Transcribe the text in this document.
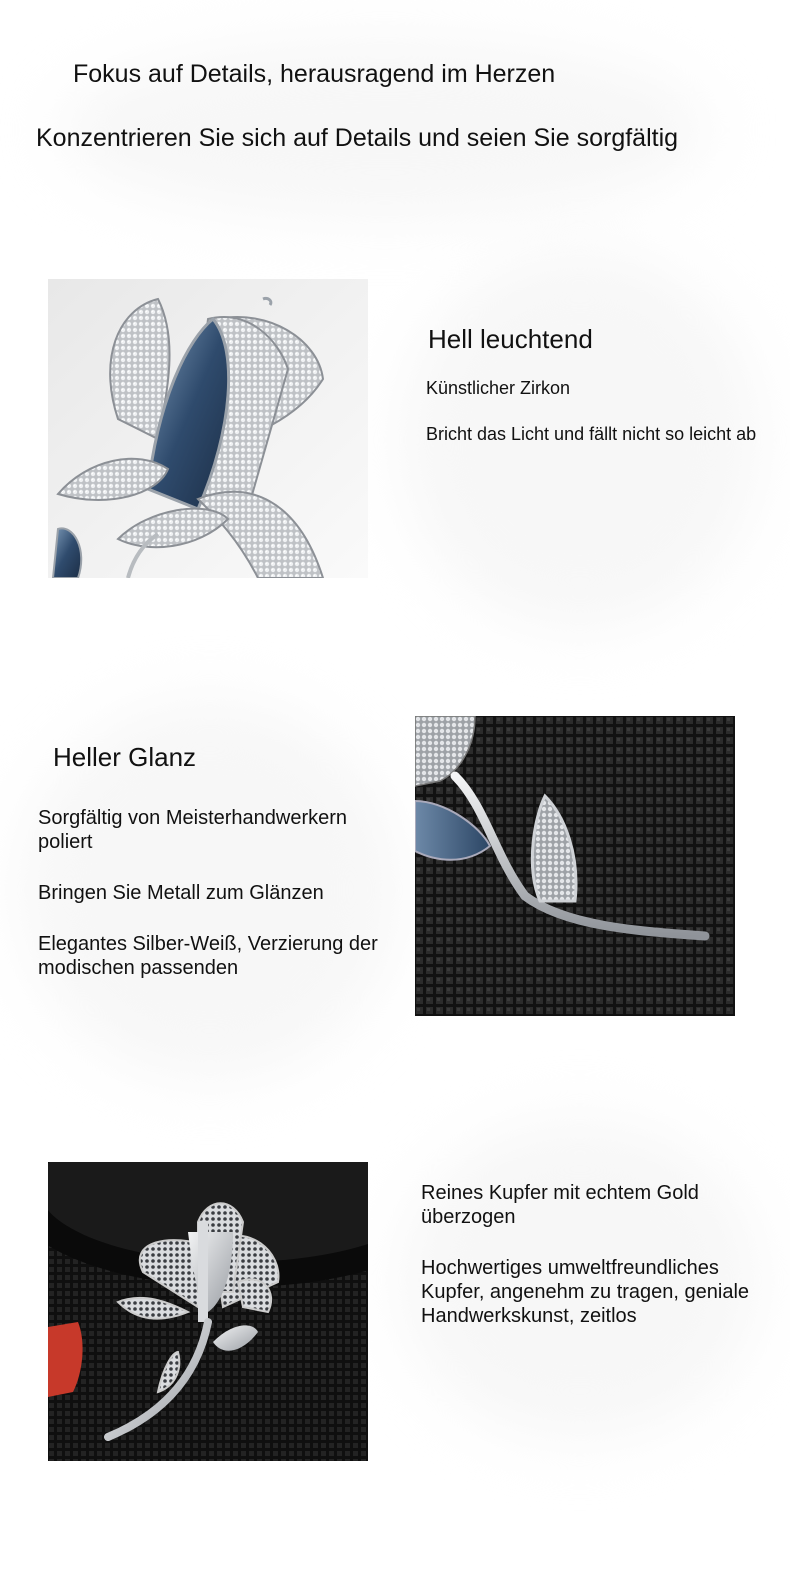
Fokus auf Details, herausragend im Herzen

Konzentrieren Sie sich auf Details und seien Sie sorgfältig

Hell leuchtend

Künstlicher Zirkon

Bricht das Licht und fällt nicht so leicht ab

Heller Glanz

Sorgfältig von Meisterhandwerkern poliert

Bringen Sie Metall zum Glänzen

Elegantes Silber-Weiß, Verzierung der modischen passenden

Reines Kupfer mit echtem Gold überzogen

Hochwertiges umweltfreundliches Kupfer, angenehm zu tragen, geniale Handwerkskunst, zeitlos
